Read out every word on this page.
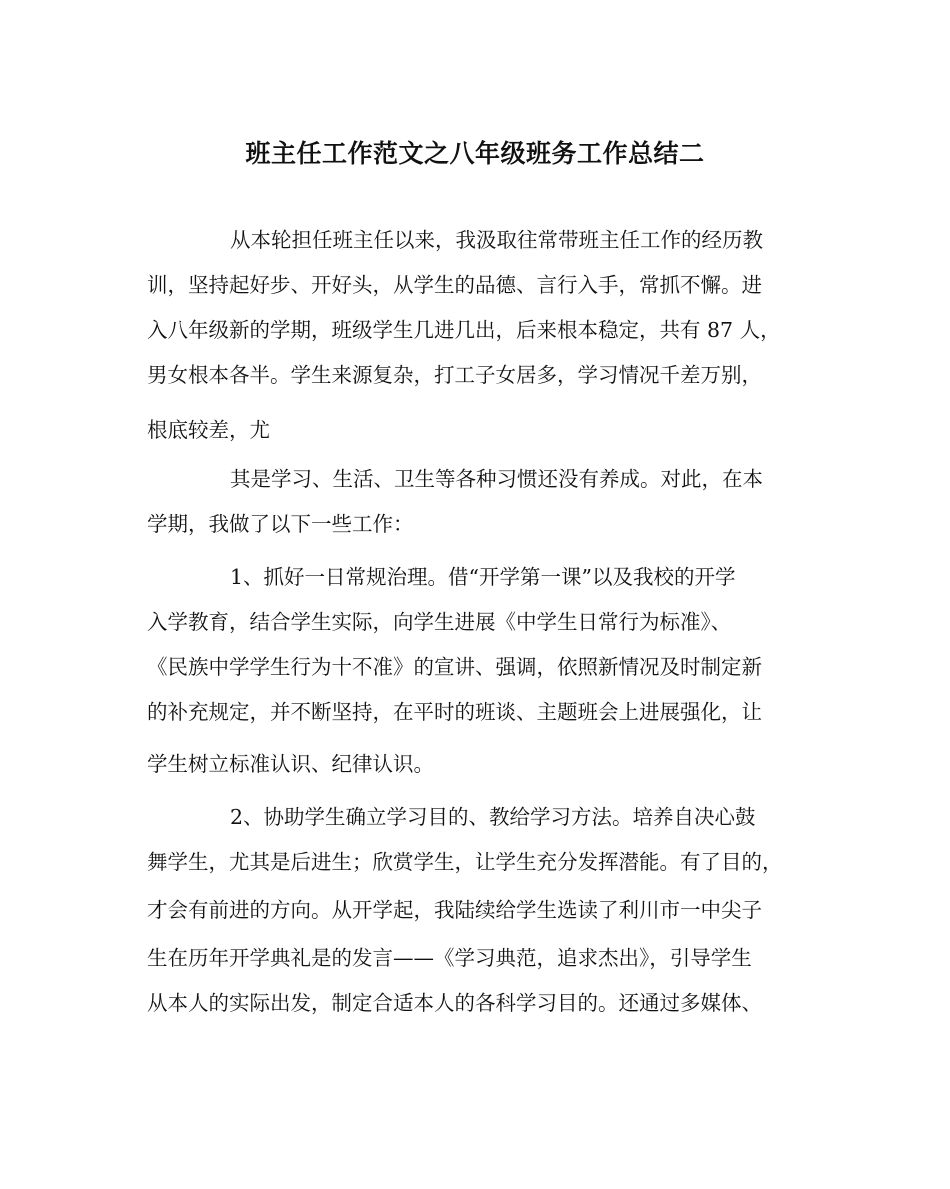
班主任工作范文之八年级班务工作总结二

从本轮担任班主任以来，我汲取往常带班主任工作的经历教

训，坚持起好步、开好头，从学生的品德、言行入手，常抓不懈。进

入八年级新的学期，班级学生几进几出，后来根本稳定，共有 87 人，

男女根本各半。学生来源复杂，打工子女居多，学习情况千差万别，

根底较差，尤

其是学习、生活、卫生等各种习惯还没有养成。对此，在本

学期，我做了以下一些工作：

1、抓好一日常规治理。借“开学第一课”以及我校的开学

入学教育，结合学生实际，向学生进展《中学生日常行为标准》、

《民族中学学生行为十不准》的宣讲、强调，依照新情况及时制定新

的补充规定，并不断坚持，在平时的班谈、主题班会上进展强化，让

学生树立标准认识、纪律认识。

2、协助学生确立学习目的、教给学习方法。培养自决心鼓

舞学生，尤其是后进生；欣赏学生，让学生充分发挥潜能。有了目的，

才会有前进的方向。从开学起，我陆续给学生选读了利川市一中尖子

生在历年开学典礼是的发言——《学习典范，追求杰出》，引导学生

从本人的实际出发，制定合适本人的各科学习目的。还通过多媒体、
